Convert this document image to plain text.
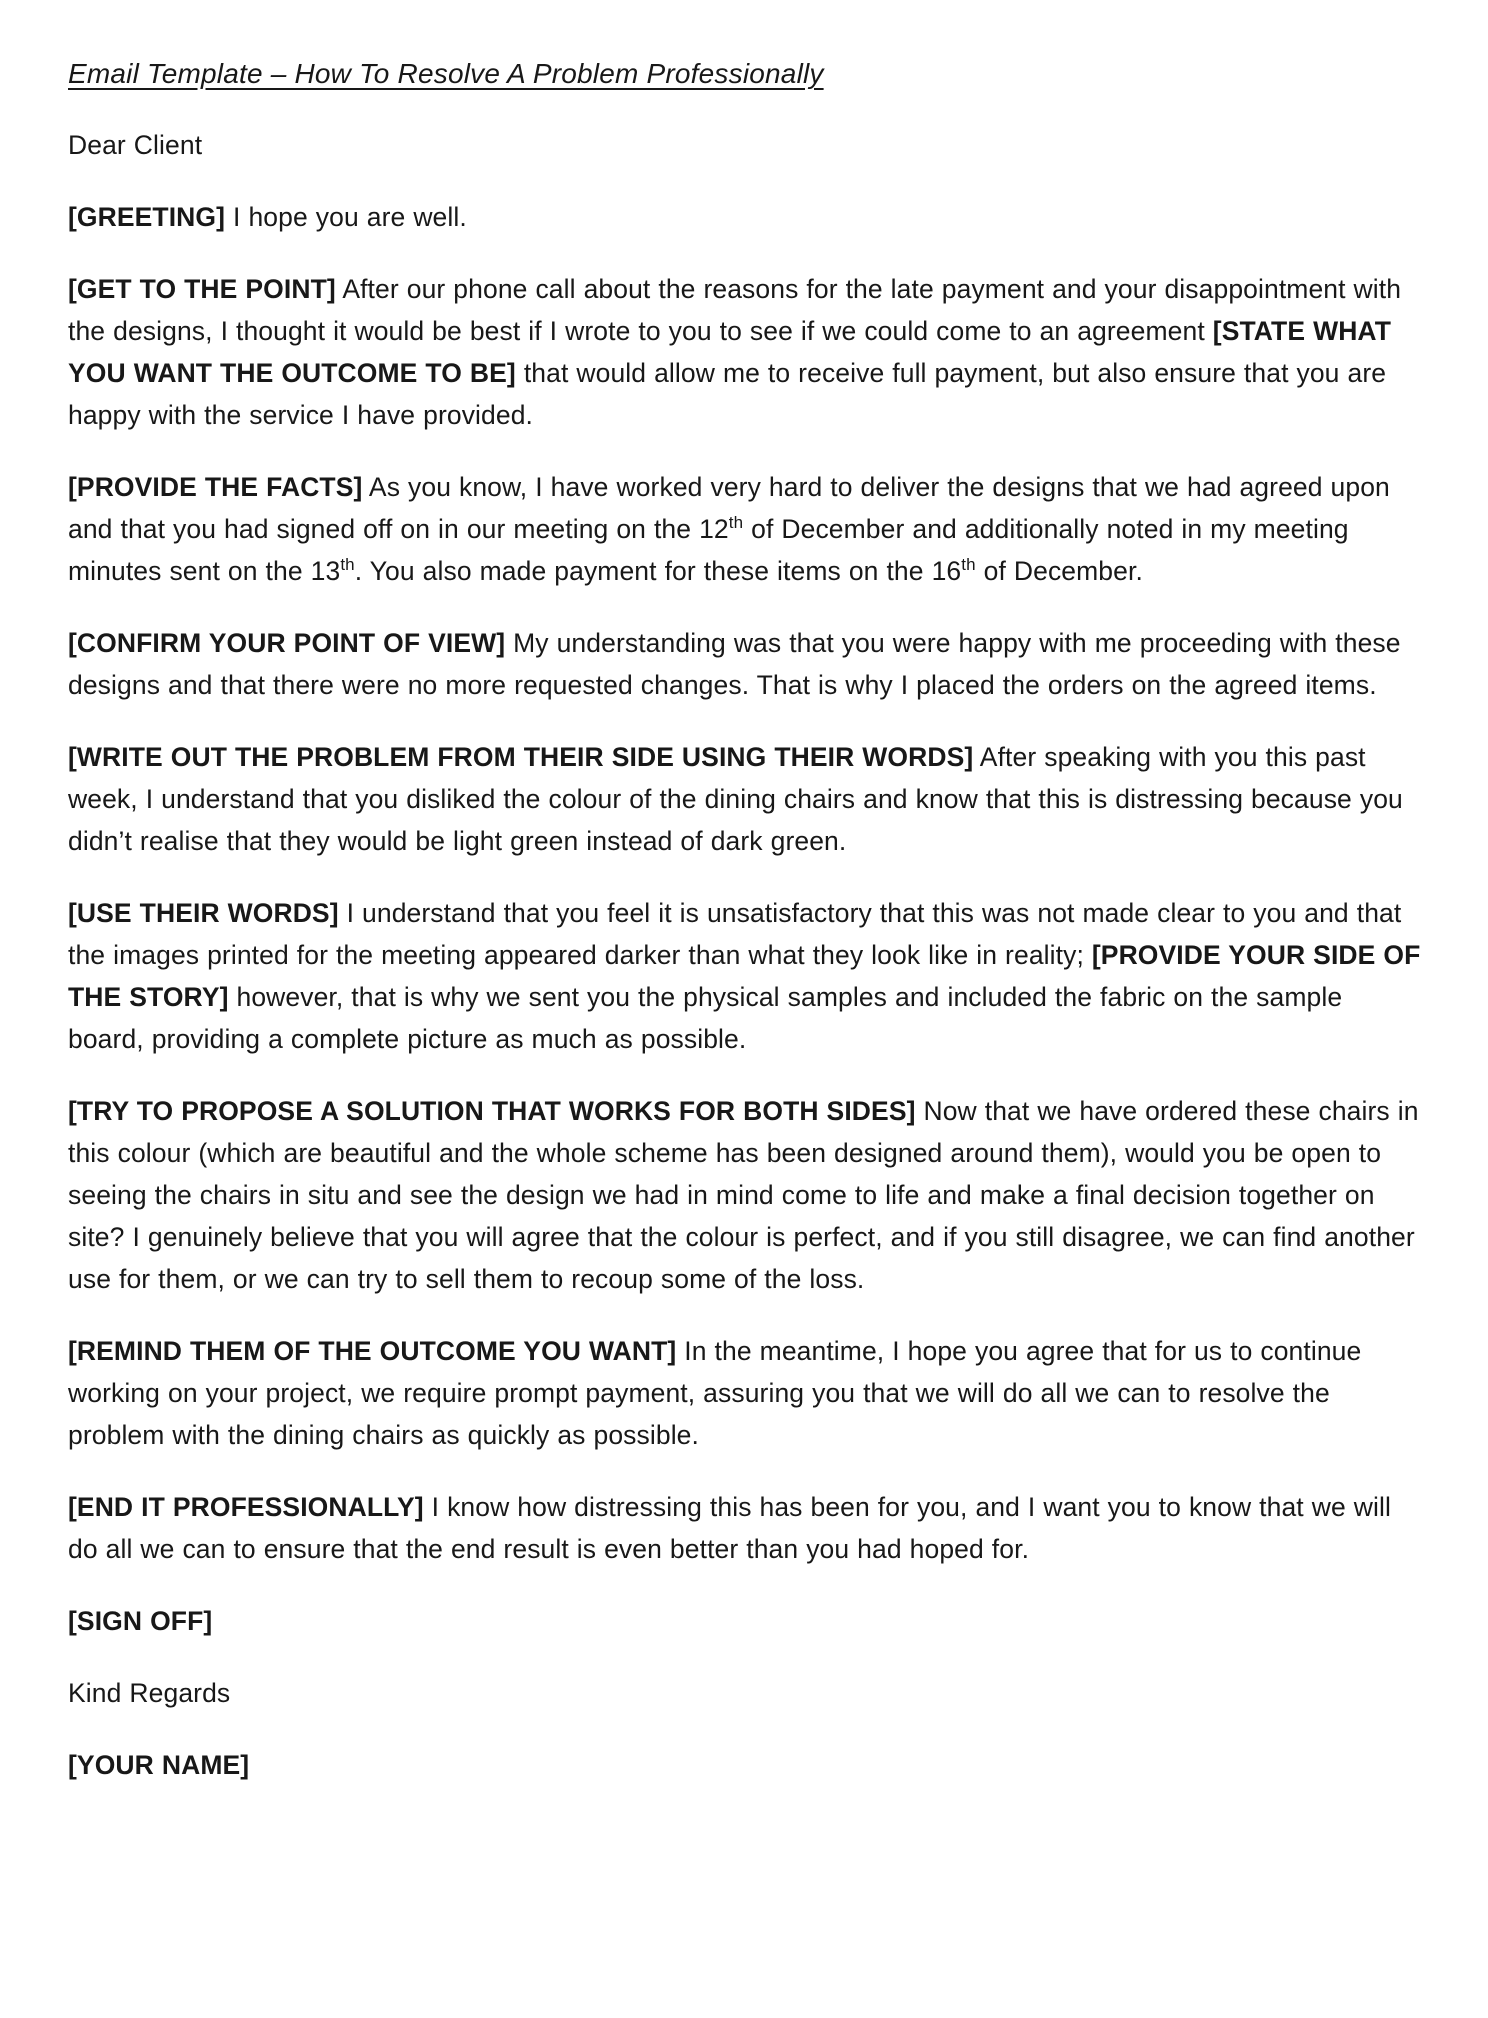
Email Template – How To Resolve A Problem Professionally

Dear Client

[GREETING] I hope you are well.

[GET TO THE POINT] After our phone call about the reasons for the late payment and your disappointment with the designs, I thought it would be best if I wrote to you to see if we could come to an agreement [STATE WHAT YOU WANT THE OUTCOME TO BE] that would allow me to receive full payment, but also ensure that you are happy with the service I have provided.

[PROVIDE THE FACTS] As you know, I have worked very hard to deliver the designs that we had agreed upon and that you had signed off on in our meeting on the 12th of December and additionally noted in my meeting minutes sent on the 13th. You also made payment for these items on the 16th of December.

[CONFIRM YOUR POINT OF VIEW] My understanding was that you were happy with me proceeding with these designs and that there were no more requested changes. That is why I placed the orders on the agreed items.

[WRITE OUT THE PROBLEM FROM THEIR SIDE USING THEIR WORDS] After speaking with you this past week, I understand that you disliked the colour of the dining chairs and know that this is distressing because you didn’t realise that they would be light green instead of dark green.

[USE THEIR WORDS] I understand that you feel it is unsatisfactory that this was not made clear to you and that the images printed for the meeting appeared darker than what they look like in reality; [PROVIDE YOUR SIDE OF THE STORY] however, that is why we sent you the physical samples and included the fabric on the sample board, providing a complete picture as much as possible.

[TRY TO PROPOSE A SOLUTION THAT WORKS FOR BOTH SIDES] Now that we have ordered these chairs in this colour (which are beautiful and the whole scheme has been designed around them), would you be open to seeing the chairs in situ and see the design we had in mind come to life and make a final decision together on site? I genuinely believe that you will agree that the colour is perfect, and if you still disagree, we can find another use for them, or we can try to sell them to recoup some of the loss.

[REMIND THEM OF THE OUTCOME YOU WANT] In the meantime, I hope you agree that for us to continue working on your project, we require prompt payment, assuring you that we will do all we can to resolve the problem with the dining chairs as quickly as possible.

[END IT PROFESSIONALLY] I know how distressing this has been for you, and I want you to know that we will do all we can to ensure that the end result is even better than you had hoped for.

[SIGN OFF]

Kind Regards

[YOUR NAME]
